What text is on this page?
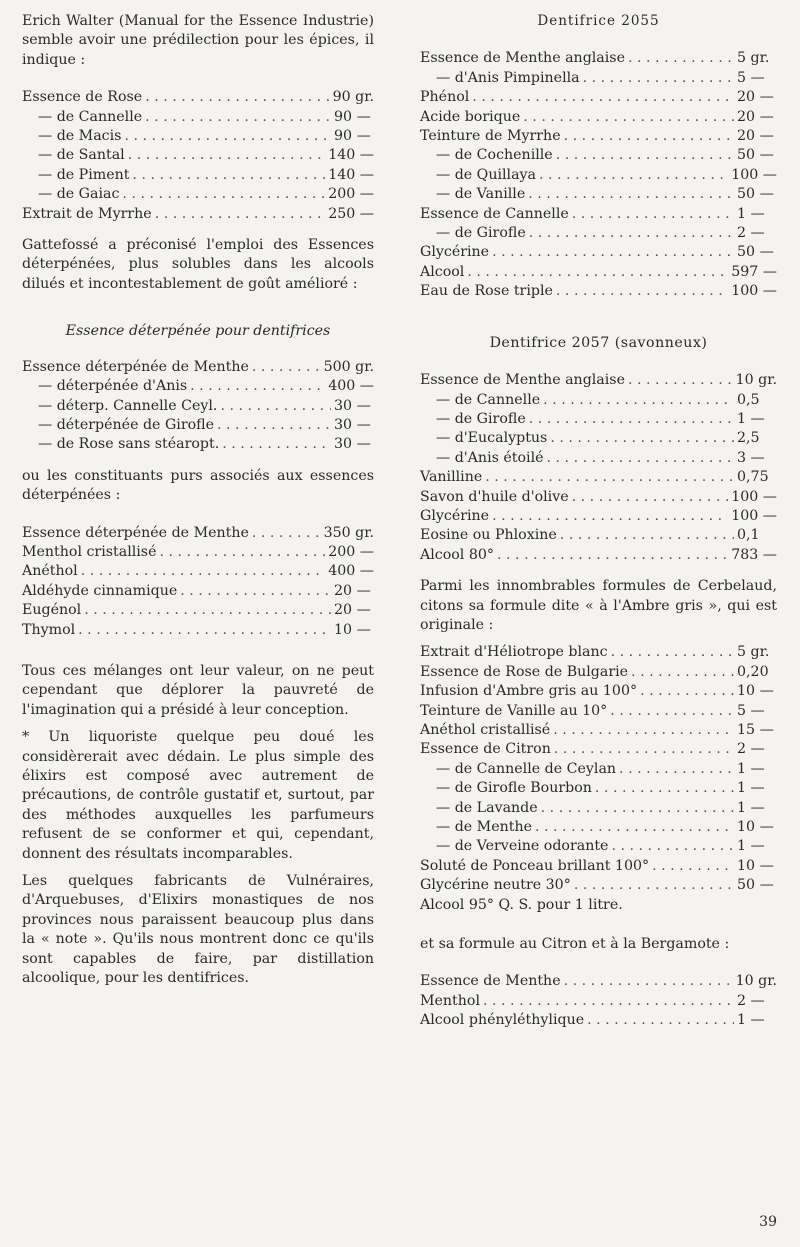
Erich Walter (Manual for the Essence Industrie) semble avoir une prédilection pour les épices, il indique :

Essence de Rose . . .	90 gr.
— de Cannelle . . .	90 —
— de Macis . . .	90 —
— de Santal . . .	140 —
— de Piment . . .	140 —
— de Gaiac . . .	200 —
Extrait de Myrrhe . . .	250 —

Gattefossé a préconisé l'emploi des Essences déterpénées, plus solubles dans les alcools dilués et incontestablement de goût amélioré :

Essence déterpénée pour dentifrices

Essence déterpénée de Menthe . . .	500 gr.
— déterpénée d'Anis . . .	400 —
— déterp. Cannelle Ceyl. . . .	30 —
— déterpénée de Girofle . . .	30 —
— de Rose sans stéaropt. . . .	30 —

ou les constituants purs associés aux essences déterpénées :

Essence déterpénée de Menthe . . .	350 gr.
Menthol cristallisé . . .	200 —
Anéthol . . .	400 —
Aldéhyde cinnamique . . .	20 —
Eugénol . . .	20 —
Thymol . . .	10 —

Tous ces mélanges ont leur valeur, on ne peut cependant que déplorer la pauvreté de l'imagination qui a présidé à leur conception.

* Un liquoriste quelque peu doué les considèrerait avec dédain. Le plus simple des élixirs est composé avec autrement de précautions, de contrôle gustatif et, surtout, par des méthodes auxquelles les parfumeurs refusent de se conformer et qui, cependant, donnent des résultats incomparables.

Les quelques fabricants de Vulnéraires, d'Arquebuses, d'Elixirs monastiques de nos provinces nous paraissent beaucoup plus dans la « note ». Qu'ils nous montrent donc ce qu'ils sont capables de faire, par distillation alcoolique, pour les dentifrices.

Dentifrice 2055

Essence de Menthe anglaise . . .	5 gr.
— d'Anis Pimpinella . . .	5 —
Phénol . . .	20 —
Acide borique . . .	20 —
Teinture de Myrrhe . . .	20 —
— de Cochenille . . .	50 —
— de Quillaya . . .	100 —
— de Vanille . . .	50 —
Essence de Cannelle . . .	1 —
— de Girofle . . .	2 —
Glycérine . . .	50 —
Alcool . . .	597 —
Eau de Rose triple . . .	100 —

Dentifrice 2057 (savonneux)

Essence de Menthe anglaise . . .	10 gr.
— de Cannelle . . .	0,5
— de Girofle . . .	1 —
— d'Eucalyptus . . .	2,5
— d'Anis étoilé . . .	3 —
Vanilline . . .	0,75
Savon d'huile d'olive . . .	100 —
Glycérine . . .	100 —
Eosine ou Phloxine . . .	0,1
Alcool 80° . . .	783 —

Parmi les innombrables formules de Cerbelaud, citons sa formule dite « à l'Ambre gris », qui est originale :

Extrait d'Héliotrope blanc . . .	5 gr.
Essence de Rose de Bulgarie . . .	0,20
Infusion d'Ambre gris au 100° . . .	10 —
Teinture de Vanille au 10° . . .	5 —
Anéthol cristallisé . . .	15 —
Essence de Citron . . .	2 —
— de Cannelle de Ceylan . . .	1 —
— de Girofle Bourbon . . .	1 —
— de Lavande . . .	1 —
— de Menthe . . .	10 —
— de Verveine odorante . . .	1 —
Soluté de Ponceau brillant 100° . . .	10 —
Glycérine neutre 30° . . .	50 —
Alcool 95° Q. S. pour 1 litre.

et sa formule au Citron et à la Bergamote :

Essence de Menthe . . .	10 gr.
Menthol . . .	2 —
Alcool phényléthylique . . .	1 —
39
